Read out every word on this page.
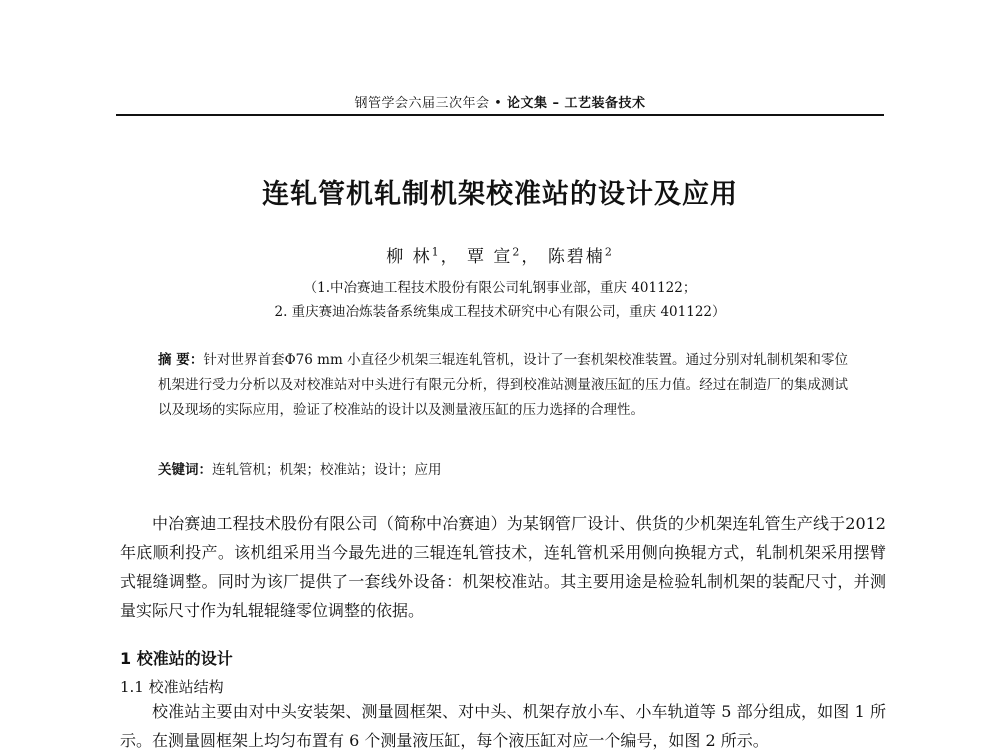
钢管学会六届三次年会 • 论文集 – 工艺装备技术
连轧管机轧制机架校准站的设计及应用
柳 林$^1$， 覃 宣$^2$， 陈碧楠$^2$
（1.中冶赛迪工程技术股份有限公司轧钢事业部，重庆 401122；
2. 重庆赛迪冶炼装备系统集成工程技术研究中心有限公司，重庆 401122）
摘 要：针对世界首套Φ76 mm 小直径少机架三辊连轧管机，设计了一套机架校准装置。通过分别对轧制机架和零位机架进行受力分析以及对校准站对中头进行有限元分析，得到校准站测量液压缸的压力值。经过在制造厂的集成测试以及现场的实际应用，验证了校准站的设计以及测量液压缸的压力选择的合理性。
关键词：连轧管机；机架；校准站；设计；应用
中冶赛迪工程技术股份有限公司（简称中冶赛迪）为某钢管厂设计、供货的少机架连轧管生产线于2012年底顺利投产。该机组采用当今最先进的三辊连轧管技术，连轧管机采用侧向换辊方式，轧制机架采用摆臂式辊缝调整。同时为该厂提供了一套线外设备：机架校准站。其主要用途是检验轧制机架的装配尺寸，并测量实际尺寸作为轧辊辊缝零位调整的依据。
1 校准站的设计
1.1 校准站结构
校准站主要由对中头安装架、测量圆框架、对中头、机架存放小车、小车轨道等 5 部分组成，如图 1 所示。在测量圆框架上均匀布置有 6 个测量液压缸，每个液压缸对应一个编号，如图 2 所示。
